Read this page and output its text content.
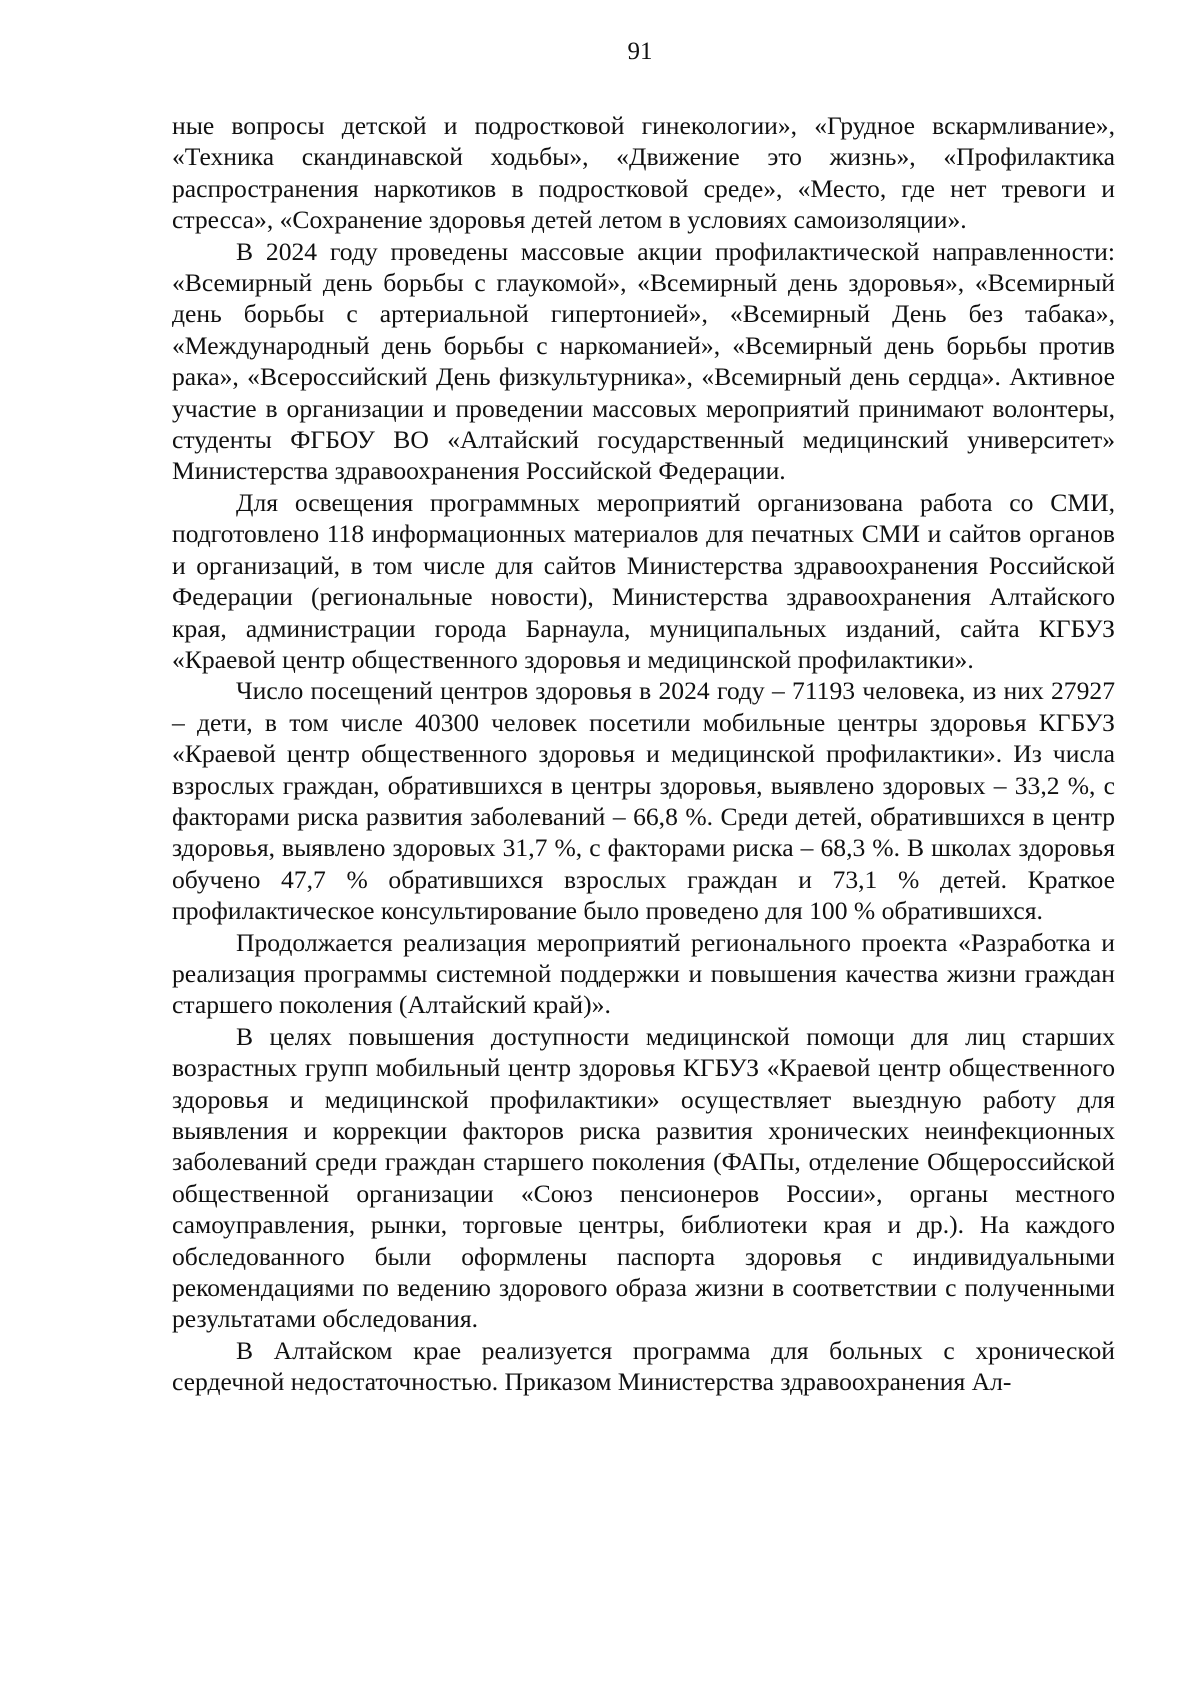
91

ные вопросы детской и подростковой гинекологии», «Грудное вскармливание», «Техника скандинавской ходьбы», «Движение это жизнь», «Профилактика распространения наркотиков в подростковой среде», «Место, где нет тревоги и стресса», «Сохранение здоровья детей летом в условиях самоизоляции».

В 2024 году проведены массовые акции профилактической направленности: «Всемирный день борьбы с глаукомой», «Всемирный день здоровья», «Всемирный день борьбы с артериальной гипертонией», «Всемирный День без табака», «Международный день борьбы с наркоманией», «Всемирный день борьбы против рака», «Всероссийский День физкультурника», «Всемирный день сердца». Активное участие в организации и проведении массовых мероприятий принимают волонтеры, студенты ФГБОУ ВО «Алтайский государственный медицинский университет» Министерства здравоохранения Российской Федерации.

Для освещения программных мероприятий организована работа со СМИ, подготовлено 118 информационных материалов для печатных СМИ и сайтов органов и организаций, в том числе для сайтов Министерства здравоохранения Российской Федерации (региональные новости), Министерства здравоохранения Алтайского края, администрации города Барнаула, муниципальных изданий, сайта КГБУЗ «Краевой центр общественного здоровья и медицинской профилактики».

Число посещений центров здоровья в 2024 году – 71193 человека, из них 27927 – дети, в том числе 40300 человек посетили мобильные центры здоровья КГБУЗ «Краевой центр общественного здоровья и медицинской профилактики». Из числа взрослых граждан, обратившихся в центры здоровья, выявлено здоровых – 33,2 %, с факторами риска развития заболеваний – 66,8 %. Среди детей, обратившихся в центр здоровья, выявлено здоровых 31,7 %, с факторами риска – 68,3 %. В школах здоровья обучено 47,7 % обратившихся взрослых граждан и 73,1 % детей. Краткое профилактическое консультирование было проведено для 100 % обратившихся.

Продолжается реализация мероприятий регионального проекта «Разработка и реализация программы системной поддержки и повышения качества жизни граждан старшего поколения (Алтайский край)».

В целях повышения доступности медицинской помощи для лиц старших возрастных групп мобильный центр здоровья КГБУЗ «Краевой центр общественного здоровья и медицинской профилактики» осуществляет выездную работу для выявления и коррекции факторов риска развития хронических неинфекционных заболеваний среди граждан старшего поколения (ФАПы, отделение Общероссийской общественной организации «Союз пенсионеров России», органы местного самоуправления, рынки, торговые центры, библиотеки края и др.). На каждого обследованного были оформлены паспорта здоровья с индивидуальными рекомендациями по ведению здорового образа жизни в соответствии с полученными результатами обследования.

В Алтайском крае реализуется программа для больных с хронической сердечной недостаточностью. Приказом Министерства здравоохранения Ал-
